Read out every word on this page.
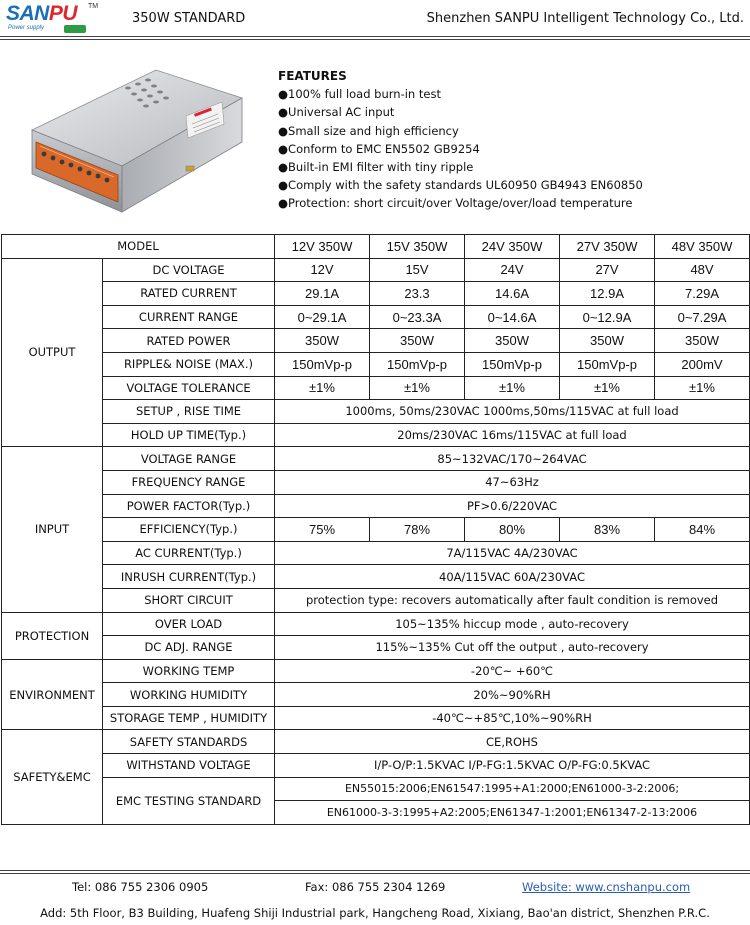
SANPU TM
Power supply
350W STANDARD	Shenzhen SANPU Intelligent Technology Co., Ltd.
FEATURES
●100% full load burn-in test
●Universal AC input
●Small size and high efficiency
●Conform to EMC EN5502 GB9254
●Built-in EMI filter with tiny ripple
●Comply with the safety standards UL60950 GB4943 EN60850
●Protection: short circuit/over Voltage/over/load temperature
MODEL		12V 350W	15V 350W	24V 350W	27V 350W	48V 350W
OUTPUT	DC VOLTAGE	12V	15V	24V	27V	48V
	RATED CURRENT	29.1A	23.3	14.6A	12.9A	7.29A
	CURRENT RANGE	0~29.1A	0~23.3A	0~14.6A	0~12.9A	0~7.29A
	RATED POWER	350W	350W	350W	350W	350W
	RIPPLE& NOISE (MAX.)	150mVp-p	150mVp-p	150mVp-p	150mVp-p	200mV
	VOLTAGE TOLERANCE	±1%	±1%	±1%	±1%	±1%
	SETUP , RISE TIME	1000ms, 50ms/230VAC 1000ms,50ms/115VAC at full load				
	HOLD UP TIME(Typ.)	20ms/230VAC 16ms/115VAC at full load				
INPUT	VOLTAGE RANGE	85~132VAC/170~264VAC				
	FREQUENCY RANGE	47~63Hz				
	POWER FACTOR(Typ.)	PF>0.6/220VAC				
	EFFICIENCY(Typ.)	75%	78%	80%	83%	84%
	AC CURRENT(Typ.)	7A/115VAC 4A/230VAC				
	INRUSH CURRENT(Typ.)	40A/115VAC 60A/230VAC				
	SHORT CIRCUIT	protection type: recovers automatically after fault condition is removed				
PROTECTION	OVER LOAD	105~135% hiccup mode , auto-recovery				
	DC ADJ. RANGE	115%~135% Cut off the output , auto-recovery				
ENVIRONMENT	WORKING TEMP	-20℃~ +60℃				
	WORKING HUMIDITY	20%~90%RH				
	STORAGE TEMP , HUMIDITY	-40℃~+85℃,10%~90%RH				
SAFETY&EMC	SAFETY STANDARDS	CE,ROHS				
	WITHSTAND VOLTAGE	I/P-O/P:1.5KVAC I/P-FG:1.5KVAC O/P-FG:0.5KVAC				
	EMC TESTING STANDARD	EN55015:2006;EN61547:1995+A1:2000;EN61000-3-2:2006;				
		EN61000-3-3:1995+A2:2005;EN61347-1:2001;EN61347-2-13:2006				
Tel: 086 755 2306 0905	Fax: 086 755 2304 1269	Website: www.cnshanpu.com
Add: 5th Floor, B3 Building, Huafeng Shiji Industrial park, Hangcheng Road, Xixiang, Bao'an district, Shenzhen P.R.C.
